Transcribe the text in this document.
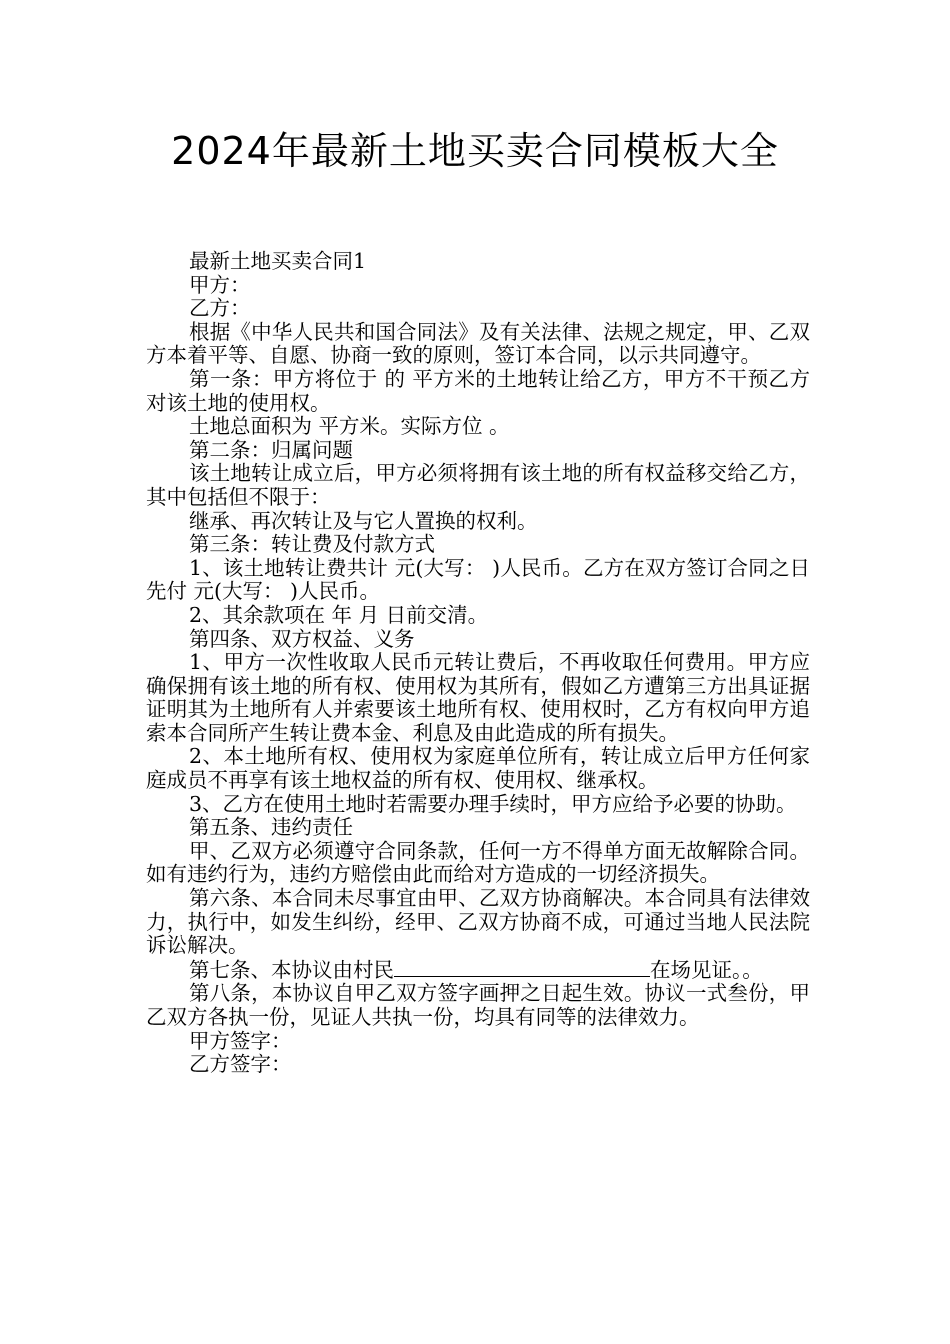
2024年最新土地买卖合同模板大全

最新土地买卖合同1

甲方：

乙方：

根据《中华人民共和国合同法》及有关法律、法规之规定，甲、乙双方本着平等、自愿、协商一致的原则，签订本合同，以示共同遵守。

第一条：甲方将位于 的 平方米的土地转让给乙方，甲方不干预乙方对该土地的使用权。

土地总面积为 平方米。实际方位 。

第二条：归属问题

该土地转让成立后，甲方必须将拥有该土地的所有权益移交给乙方，其中包括但不限于：

继承、再次转让及与它人置换的权利。

第三条：转让费及付款方式

1、该土地转让费共计 元(大写： )人民币。乙方在双方签订合同之日先付 元(大写： )人民币。

2、其余款项在 年 月 日前交清。

第四条、双方权益、义务

1、甲方一次性收取人民币元转让费后，不再收取任何费用。甲方应确保拥有该土地的所有权、使用权为其所有，假如乙方遭第三方出具证据证明其为土地所有人并索要该土地所有权、使用权时，乙方有权向甲方追索本合同所产生转让费本金、利息及由此造成的所有损失。

2、本土地所有权、使用权为家庭单位所有，转让成立后甲方任何家庭成员不再享有该土地权益的所有权、使用权、继承权。

3、乙方在使用土地时若需要办理手续时，甲方应给予必要的协助。

第五条、违约责任

甲、乙双方必须遵守合同条款，任何一方不得单方面无故解除合同。如有违约行为，违约方赔偿由此而给对方造成的一切经济损失。

第六条、本合同未尽事宜由甲、乙双方协商解决。本合同具有法律效力，执行中，如发生纠纷，经甲、乙双方协商不成，可通过当地人民法院诉讼解决。

第七条、本协议由村民	在场见证。。

第八条，本协议自甲乙双方签字画押之日起生效。协议一式叁份，甲乙双方各执一份，见证人共执一份，均具有同等的法律效力。

甲方签字：

乙方签字：
